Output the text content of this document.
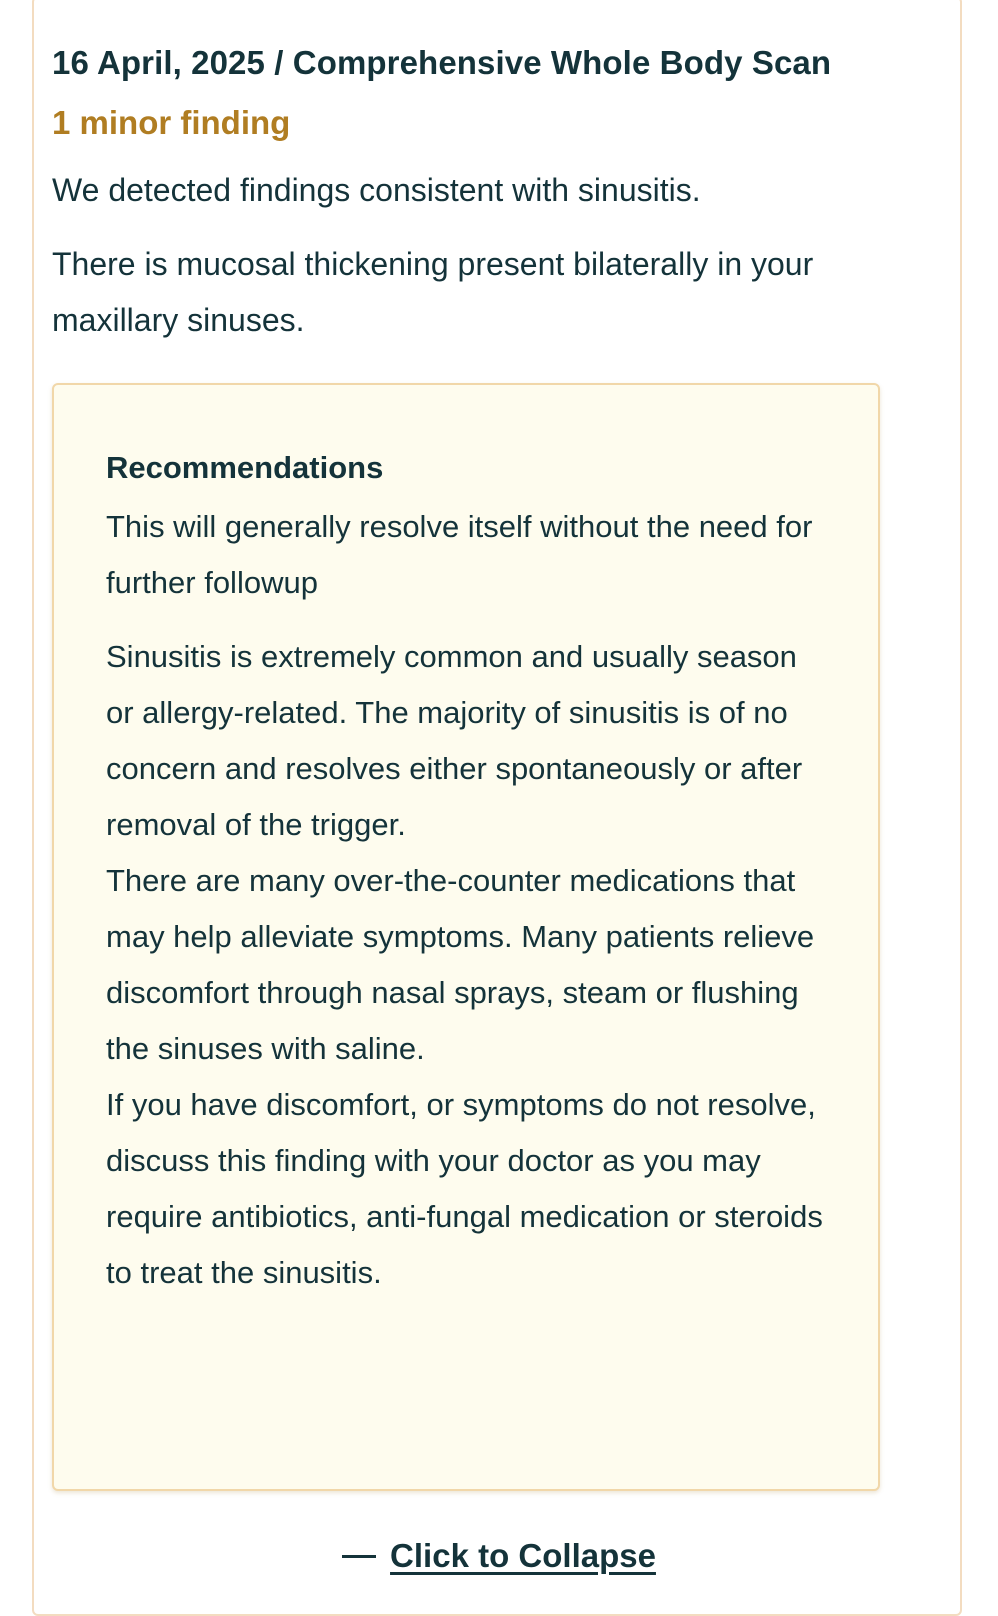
16 April, 2025 / Comprehensive Whole Body Scan
1 minor finding

We detected findings consistent with sinusitis.

There is mucosal thickening present bilaterally in your maxillary sinuses.

Recommendations
This will generally resolve itself without the need for further followup

Sinusitis is extremely common and usually season or allergy-related. The majority of sinusitis is of no concern and resolves either spontaneously or after removal of the trigger.

There are many over-the-counter medications that may help alleviate symptoms. Many patients relieve discomfort through nasal sprays, steam or flushing the sinuses with saline.

If you have discomfort, or symptoms do not resolve, discuss this finding with your doctor as you may require antibiotics, anti-fungal medication or steroids to treat the sinusitis.

Click to Collapse
